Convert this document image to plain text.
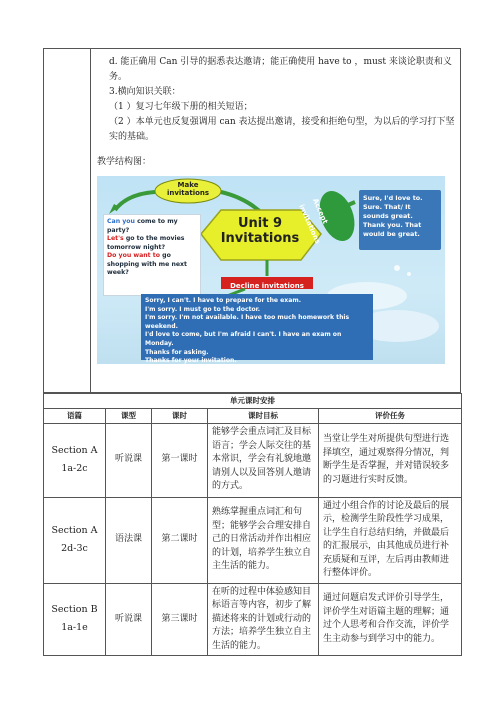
d. 能正确用 Can 引导的据悉表达邀请；能正确使用 have to ，must 来谈论职责和义务。
3.横向知识关联：
（1 ）复习七年级下册的相关短语；
（2 ）本单元也反复强调用 can 表达提出邀请，接受和拒绝句型，为以后的学习打下坚实的基础。
教学结构图：
Make invitations
Accept invitations
Unit 9
Invitations
Decline invitations
Can you come to my party?
Let's go to the movies tomorrow night?
Do you want to go shopping with me next week?
Sure, I'd love to.
Sure. That/ It sounds great.
Thank you. That would be great.
Sorry, I can't. I have to prepare for the exam.
I'm sorry. I must go to the doctor.
I'm sorry. I'm not available. I have too much homework this weekend.
I'd love to come, but I'm afraid I can't. I have an exam on Monday.
Thanks for asking.
Thanks for your invitation.
单元课时安排				
语篇	课型	课时	课时目标	评价任务
Section A 1a-2c	听说课	第一课时	能够学会重点词汇及目标语言；学会人际交往的基本常识，学会有礼貌地邀请别人以及回答别人邀请的方式。	当堂让学生对所提供句型进行选择填空，通过观察得分情况，判断学生是否掌握，并对错误较多的习题进行实时反馈。
Section A 2d-3c	语法课	第二课时	熟练掌握重点词汇和句型；能够学会合理安排自己的日常活动并作出相应的计划，培养学生独立自主生活的能力。	通过小组合作的讨论及最后的展示，检测学生阶段性学习成果，让学生自行总结归纳，并做最后的汇报展示，由其他成员进行补充质疑和互评，左后再由教师进行整体评价。
Section B 1a-1e	听说课	第三课时	在听的过程中体验感知目标语言等内容，初步了解描述将来的计划或行动的方法；培养学生独立自主生活的能力。	通过问题启发式评价引导学生，评价学生对语篇主题的理解；通过个人思考和合作交流，评价学生主动参与到学习中的能力。
